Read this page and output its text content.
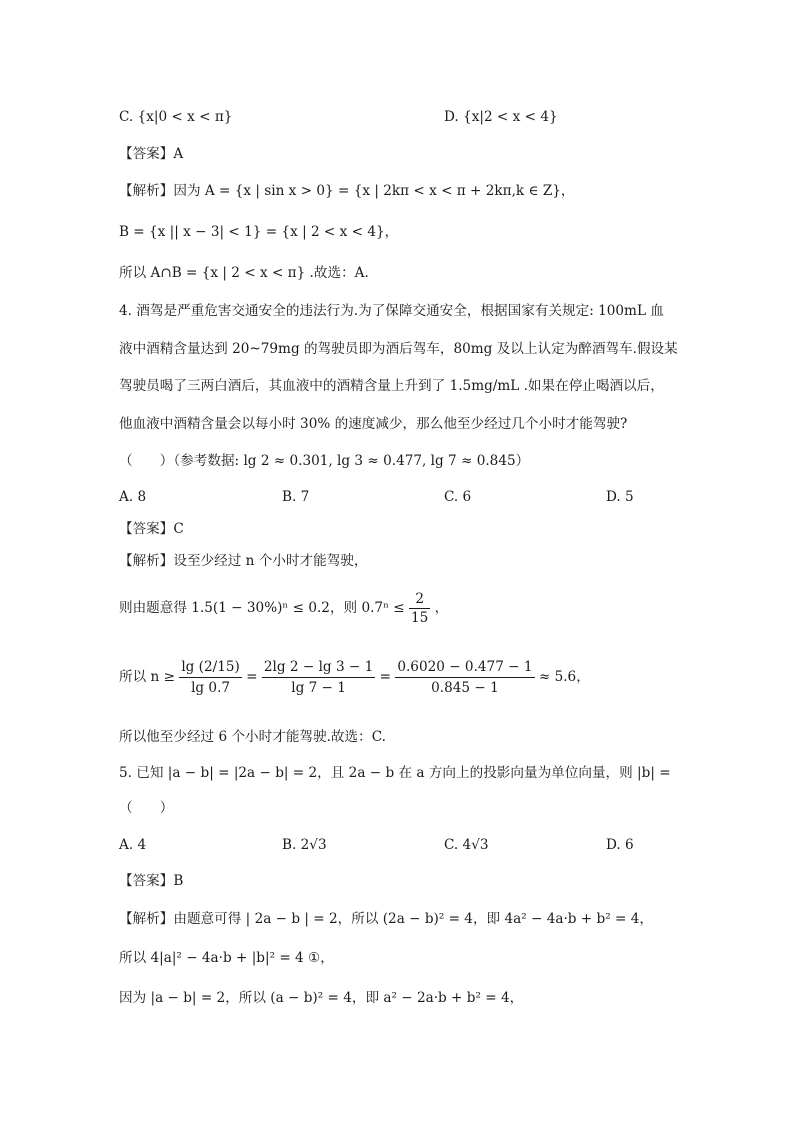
C. {x|0 < x < π}	D. {x|2 < x < 4}
【答案】A
【解析】因为 A = {x | sin x > 0} = {x | 2kπ < x < π + 2kπ,k ∈ Z}，
B = {x || x − 3| < 1} = {x | 2 < x < 4}，
所以 A∩B = {x | 2 < x < π} .故选：A.
4. 酒驾是严重危害交通安全的违法行为.为了保障交通安全，根据国家有关规定: 100mL 血
液中酒精含量达到 20~79mg 的驾驶员即为酒后驾车，80mg 及以上认定为醉酒驾车.假设某
驾驶员喝了三两白酒后，其血液中的酒精含量上升到了 1.5mg/mL .如果在停止喝酒以后，
他血液中酒精含量会以每小时 30% 的速度减少，那么他至少经过几个小时才能驾驶?
（　　）（参考数据: lg 2 ≈ 0.301, lg 3 ≈ 0.477, lg 7 ≈ 0.845）
A. 8	B. 7	C. 6	D. 5
【答案】C
【解析】设至少经过 n 个小时才能驾驶，
则由题意得 1.5(1 − 30%)ⁿ ≤ 0.2，则 $0.7^n \le \frac{2}{15}$ ，
所以 $n \ge \frac{\lg (2/15)}{\lg 0.7} = \frac{2\lg 2 - \lg 3 - 1}{\lg 7 - 1} = \frac{0.6020 - 0.477 - 1}{0.845 - 1} \approx 5.6$，
所以他至少经过 6 个小时才能驾驶.故选：C.
5. 已知 |a − b| = |2a − b| = 2，且 2a − b 在 a 方向上的投影向量为单位向量，则 |b| =
（　　）
A. 4	B. 2√3	C. 4√3	D. 6
【答案】B
【解析】由题意可得 | 2a − b | = 2，所以 (2a − b)² = 4，即 4a² − 4a·b + b² = 4，
所以 4|a|² − 4a·b + |b|² = 4 ①，
因为 |a − b| = 2，所以 (a − b)² = 4，即 a² − 2a·b + b² = 4，
